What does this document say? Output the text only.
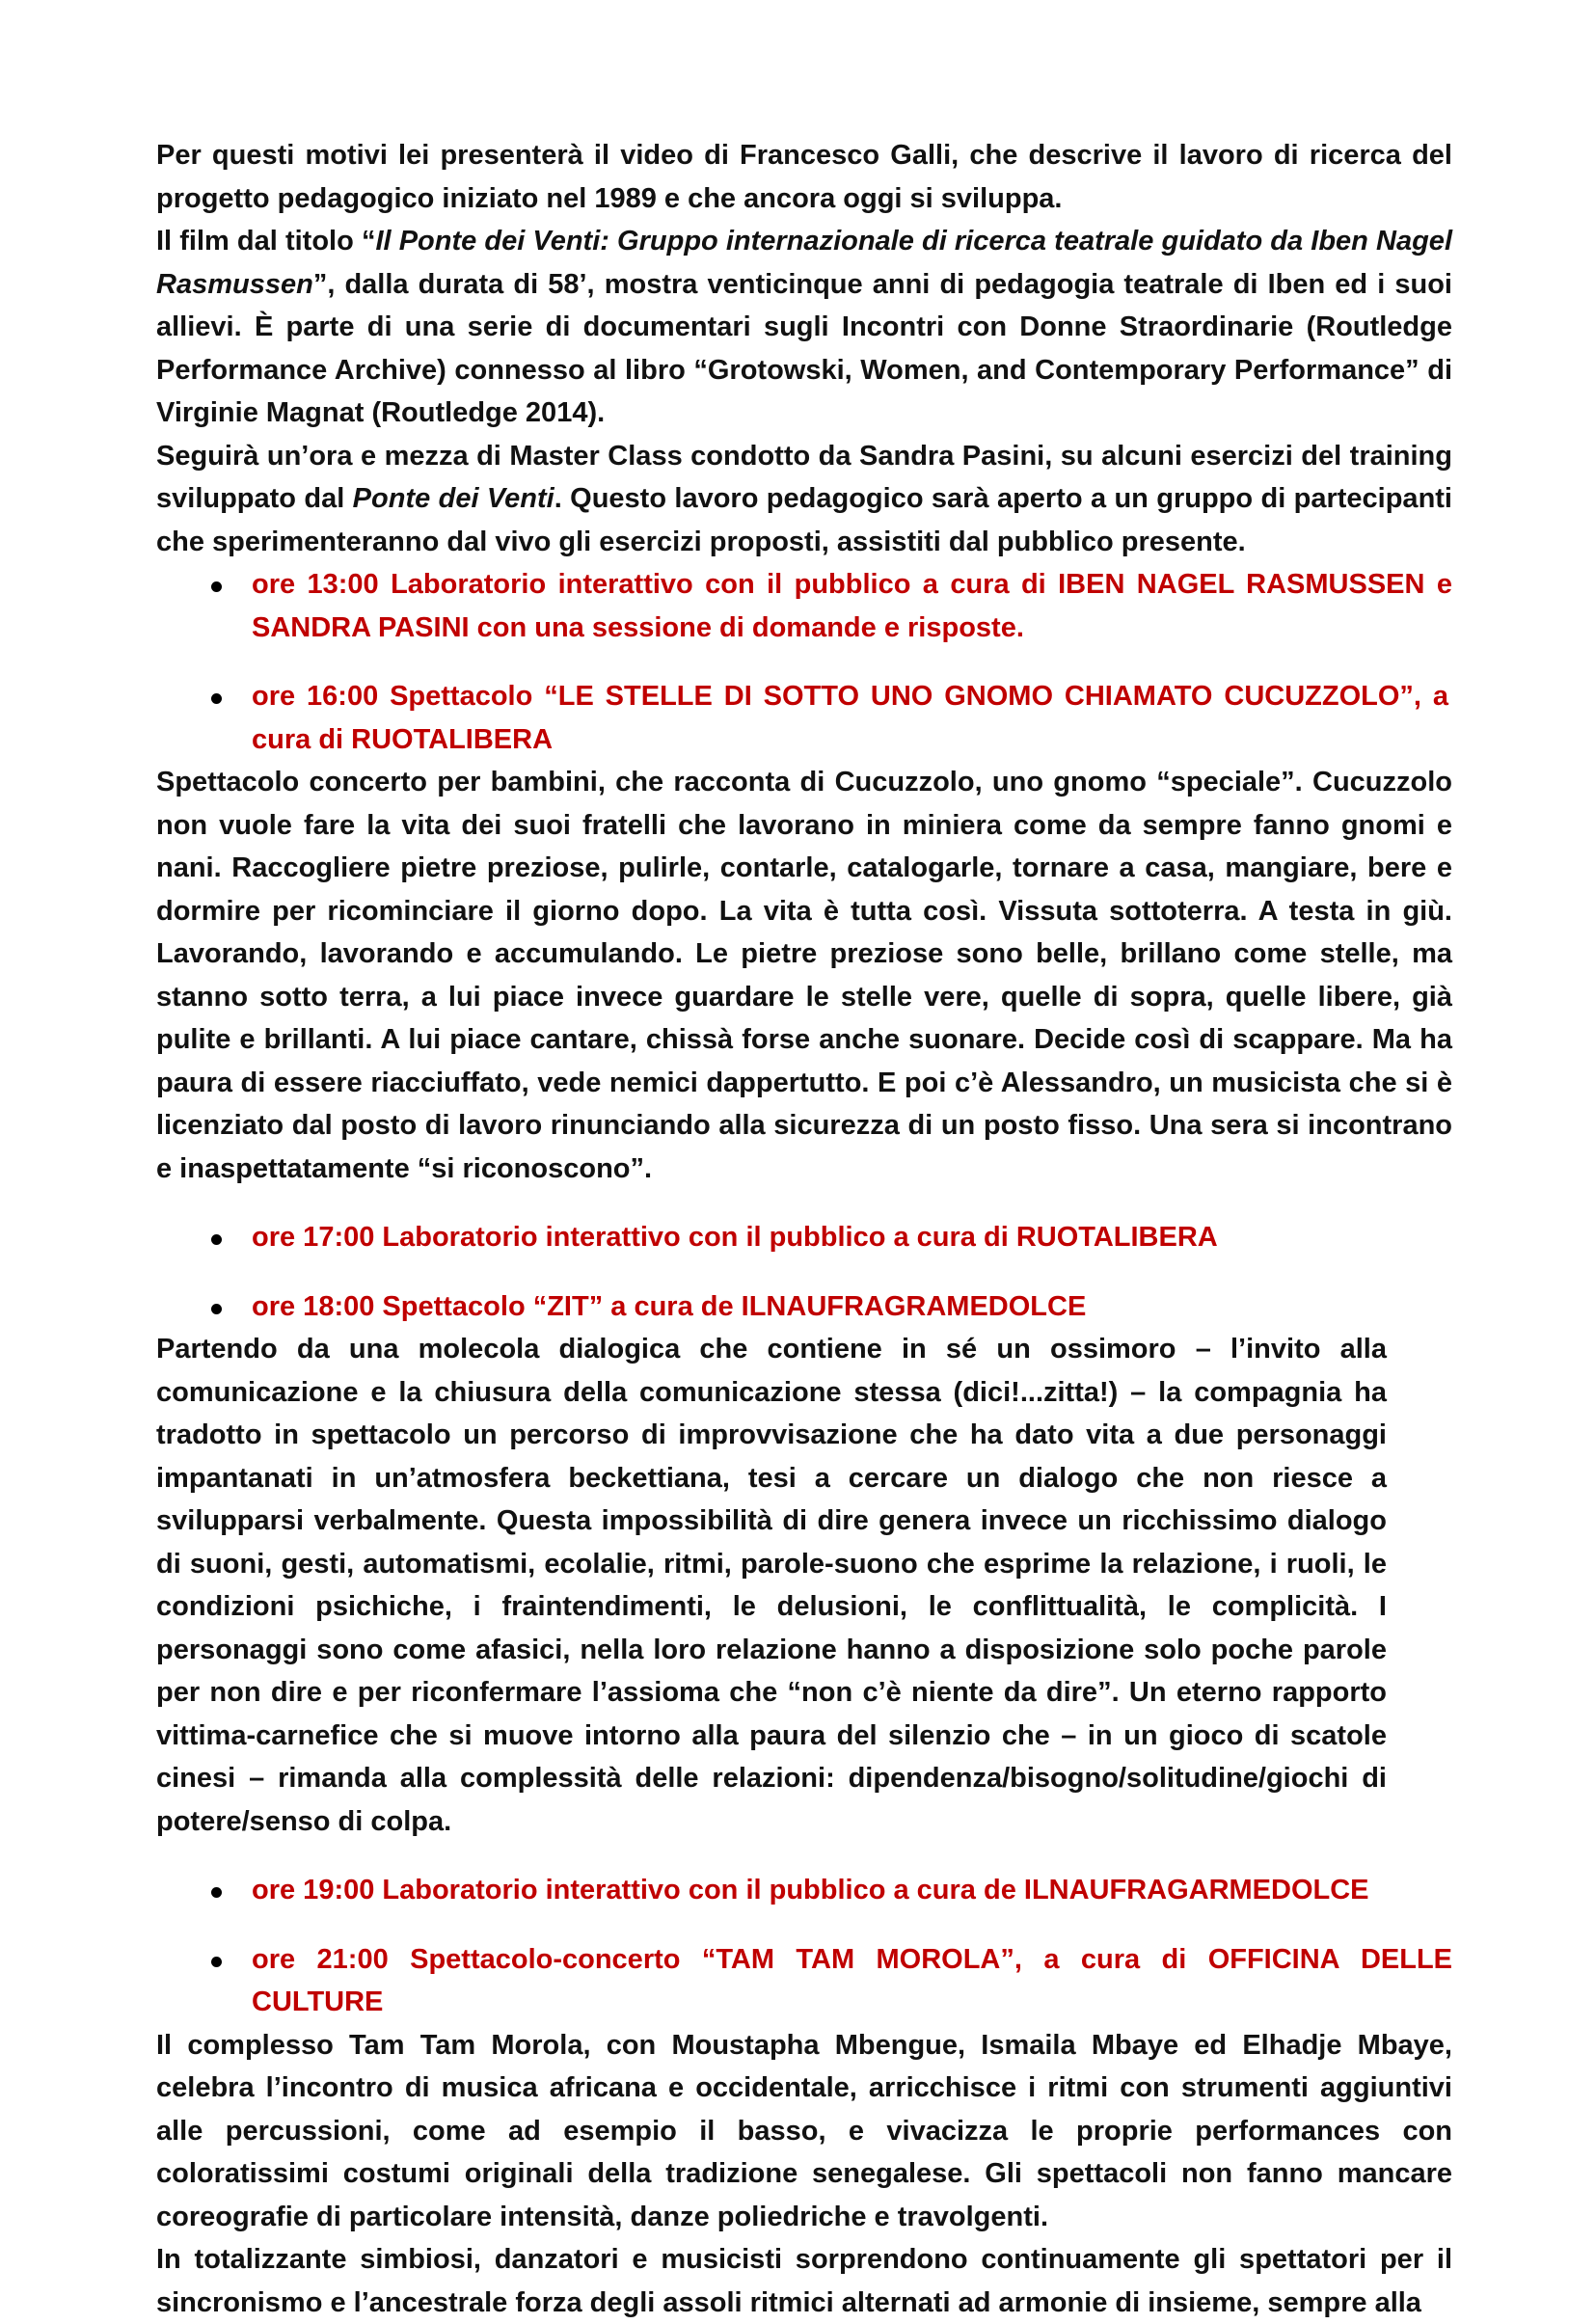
Per questi motivi lei presenterà il video di Francesco Galli, che descrive il lavoro di ricerca del progetto pedagogico iniziato nel 1989 e che ancora oggi si sviluppa.

Il film dal titolo “Il Ponte dei Venti: Gruppo internazionale di ricerca teatrale guidato da Iben Nagel Rasmussen”, dalla durata di 58’, mostra venticinque anni di pedagogia teatrale di Iben ed i suoi allievi. È parte di una serie di documentari sugli Incontri con Donne Straordinarie (Routledge Performance Archive) connesso al libro “Grotowski, Women, and Contemporary Performance” di Virginie Magnat (Routledge 2014).

Seguirà un’ora e mezza di Master Class condotto da Sandra Pasini, su alcuni esercizi del training sviluppato dal Ponte dei Venti. Questo lavoro pedagogico sarà aperto a un gruppo di partecipanti che sperimenteranno dal vivo gli esercizi proposti, assistiti dal pubblico presente.

ore 13:00 Laboratorio interattivo con il pubblico a cura di IBEN NAGEL RASMUSSEN e SANDRA PASINI con una sessione di domande e risposte.
ore 16:00 Spettacolo “LE STELLE DI SOTTO UNO GNOMO CHIAMATO CUCUZZOLO”, a cura di RUOTALIBERA

Spettacolo concerto per bambini, che racconta di Cucuzzolo, uno gnomo “speciale”. Cucuzzolo non vuole fare la vita dei suoi fratelli che lavorano in miniera come da sempre fanno gnomi e nani. Raccogliere pietre preziose, pulirle, contarle, catalogarle, tornare a casa, mangiare, bere e dormire per ricominciare il giorno dopo. La vita è tutta così. Vissuta sottoterra. A testa in giù. Lavorando, lavorando e accumulando. Le pietre preziose sono belle, brillano come stelle, ma stanno sotto terra, a lui piace invece guardare le stelle vere, quelle di sopra, quelle libere, già pulite e brillanti. A lui piace cantare, chissà forse anche suonare. Decide così di scappare. Ma ha paura di essere riacciuffato, vede nemici dappertutto. E poi c’è Alessandro, un musicista che si è licenziato dal posto di lavoro rinunciando alla sicurezza di un posto fisso. Una sera si incontrano e inaspettatamente “si riconoscono”.

ore 17:00 Laboratorio interattivo con il pubblico a cura di RUOTALIBERA
ore 18:00 Spettacolo “ZIT” a cura de ILNAUFRAGRAMEDOLCE

Partendo da una molecola dialogica che contiene in sé un ossimoro – l’invito alla comunicazione e la chiusura della comunicazione stessa (dici!...zitta!) – la compagnia ha tradotto in spettacolo un percorso di improvvisazione che ha dato vita a due personaggi impantanati in un’atmosfera beckettiana, tesi a cercare un dialogo che non riesce a svilupparsi verbalmente. Questa impossibilità di dire genera invece un ricchissimo dialogo di suoni, gesti, automatismi, ecolalie, ritmi, parole-suono che esprime la relazione, i ruoli, le condizioni psichiche, i fraintendimenti, le delusioni, le conflittualità, le complicità. I personaggi sono come afasici, nella loro relazione hanno a disposizione solo poche parole per non dire e per riconfermare l’assioma che “non c’è niente da dire”. Un eterno rapporto vittima-carnefice che si muove intorno alla paura del silenzio che – in un gioco di scatole cinesi – rimanda alla complessità delle relazioni: dipendenza/bisogno/solitudine/giochi di potere/senso di colpa.

ore 19:00 Laboratorio interattivo con il pubblico a cura de ILNAUFRAGARMEDOLCE
ore 21:00 Spettacolo-concerto “TAM TAM MOROLA”, a cura di OFFICINA DELLE CULTURE

Il complesso Tam Tam Morola, con Moustapha Mbengue, Ismaila Mbaye ed Elhadje Mbaye, celebra l’incontro di musica africana e occidentale, arricchisce i ritmi con strumenti aggiuntivi alle percussioni, come ad esempio il basso, e vivacizza le proprie performances con coloratissimi costumi originali della tradizione senegalese. Gli spettacoli non fanno mancare coreografie di particolare intensità, danze poliedriche e travolgenti.

In totalizzante simbiosi, danzatori e musicisti sorprendono continuamente gli spettatori per il sincronismo e l’ancestrale forza degli assoli ritmici alternati ad armonie di insieme, sempre alla
